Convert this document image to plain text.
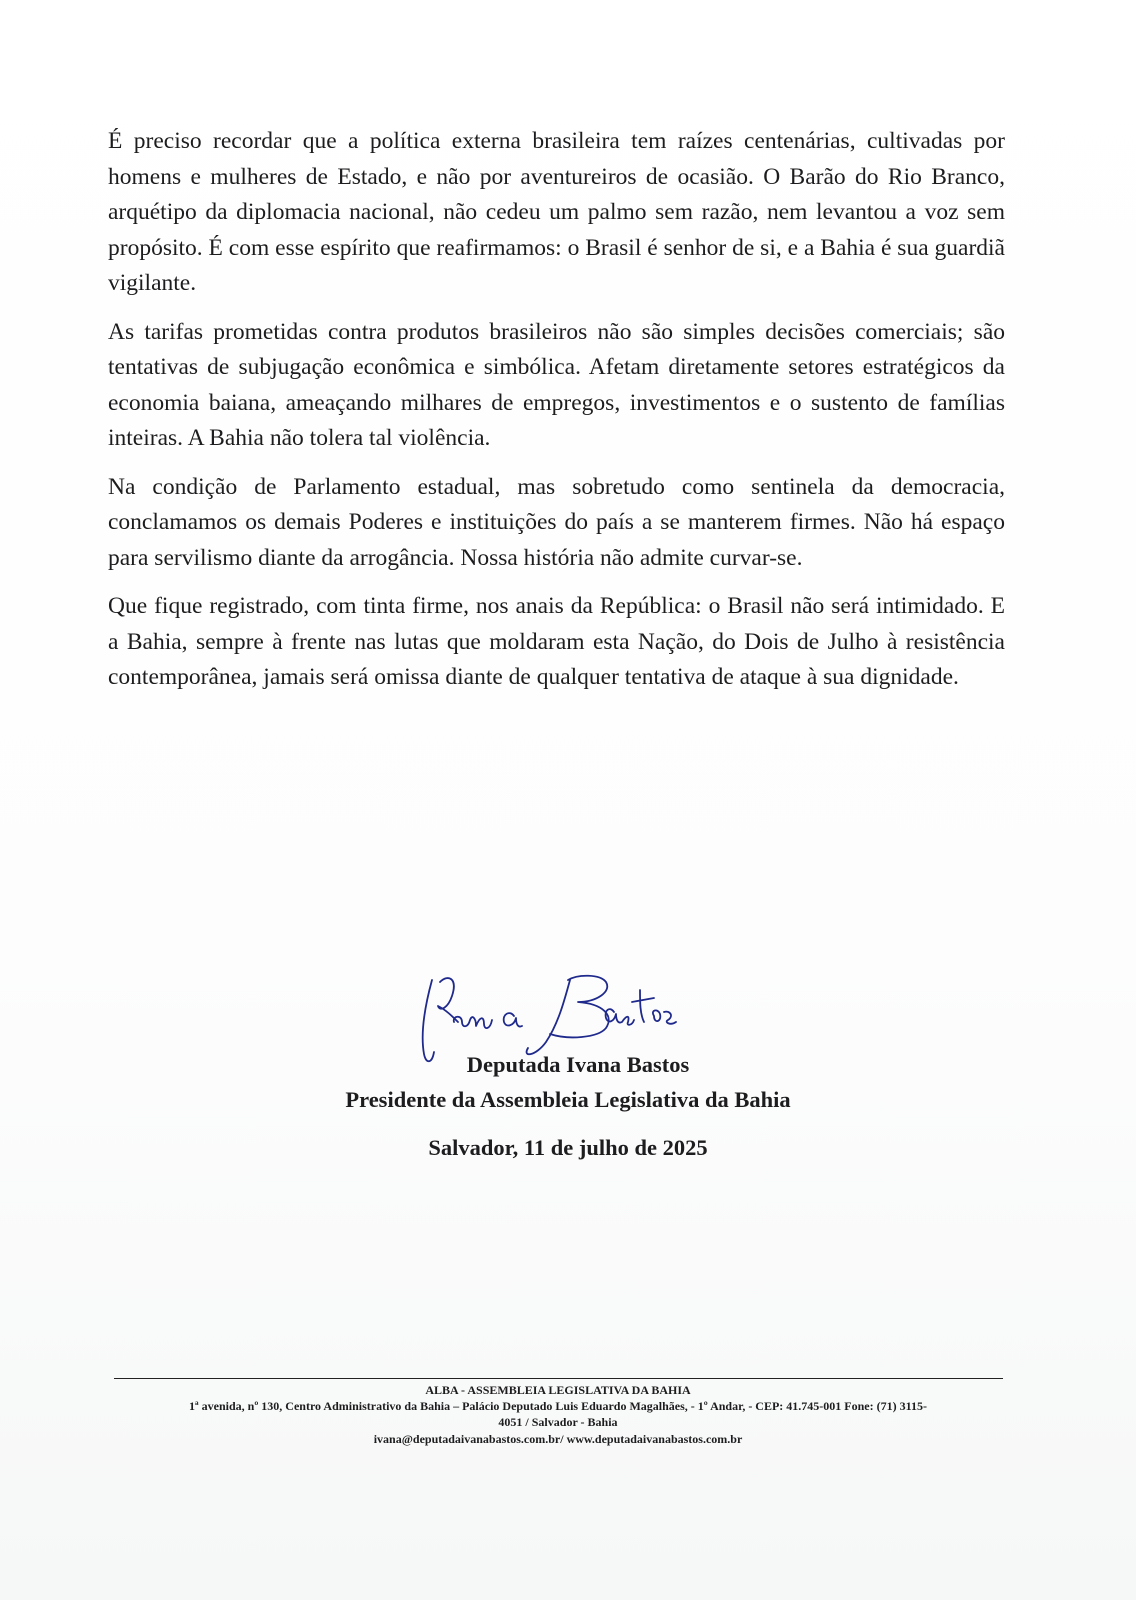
É preciso recordar que a política externa brasileira tem raízes centenárias, cultivadas por homens e mulheres de Estado, e não por aventureiros de ocasião. O Barão do Rio Branco, arquétipo da diplomacia nacional, não cedeu um palmo sem razão, nem levantou a voz sem propósito. É com esse espírito que reafirmamos: o Brasil é senhor de si, e a Bahia é sua guardiã vigilante.

As tarifas prometidas contra produtos brasileiros não são simples decisões comerciais; são tentativas de subjugação econômica e simbólica. Afetam diretamente setores estratégicos da economia baiana, ameaçando milhares de empregos, investimentos e o sustento de famílias inteiras. A Bahia não tolera tal violência.

Na condição de Parlamento estadual, mas sobretudo como sentinela da democracia, conclamamos os demais Poderes e instituições do país a se manterem firmes. Não há espaço para servilismo diante da arrogância. Nossa história não admite curvar-se.

Que fique registrado, com tinta firme, nos anais da República: o Brasil não será intimidado. E a Bahia, sempre à frente nas lutas que moldaram esta Nação, do Dois de Julho à resistência contemporânea, jamais será omissa diante de qualquer tentativa de ataque à sua dignidade.

Deputada Ivana Bastos
Presidente da Assembleia Legislativa da Bahia
Salvador, 11 de julho de 2025
ALBA - ASSEMBLEIA LEGISLATIVA DA BAHIA
1ª avenida, nº 130, Centro Administrativo da Bahia – Palácio Deputado Luis Eduardo Magalhães, - 1º Andar, - CEP: 41.745-001 Fone: (71) 3115-
4051 / Salvador - Bahia
ivana@deputadaivanabastos.com.br/ www.deputadaivanabastos.com.br
